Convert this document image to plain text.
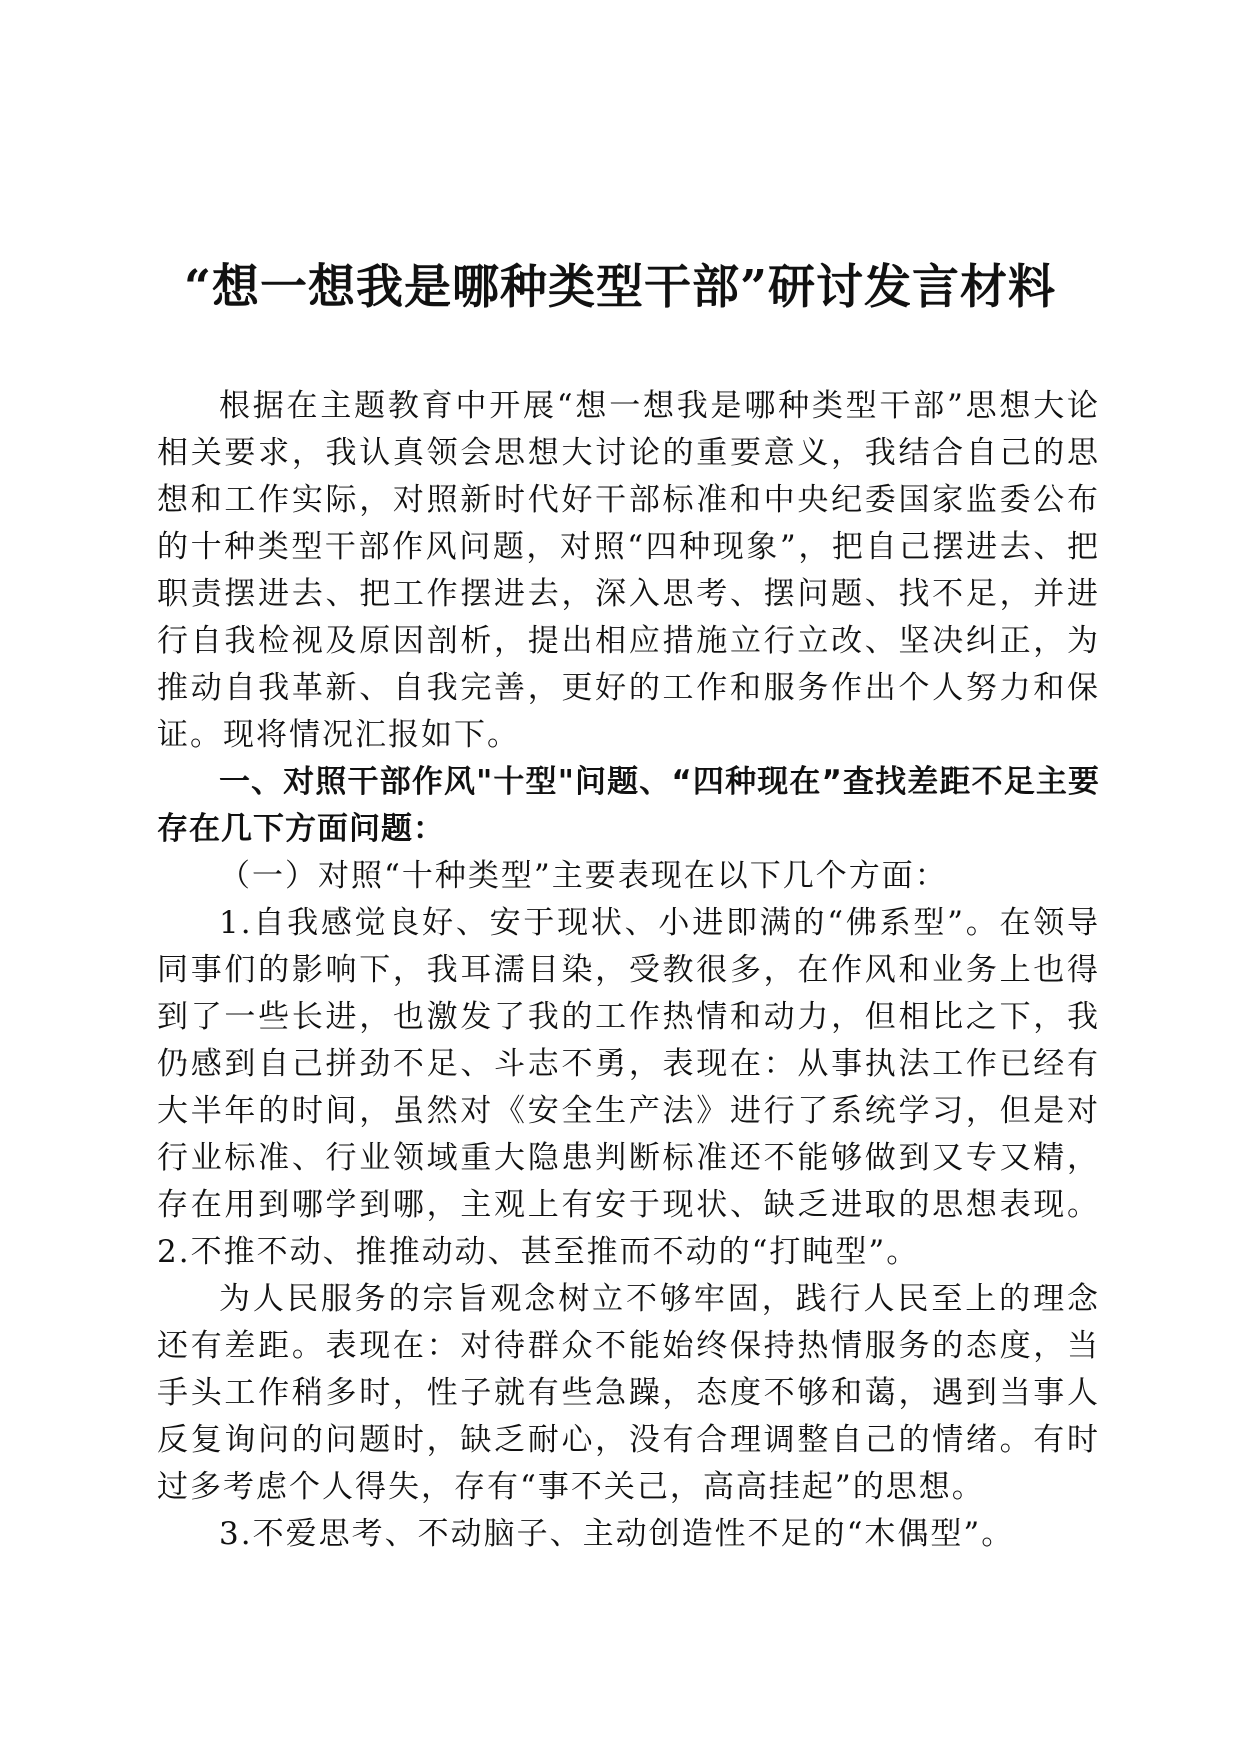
“想一想我是哪种类型干部”研讨发言材料

根据在主题教育中开展“想一想我是哪种类型干部”思想大论相关要求，我认真领会思想大讨论的重要意义，我结合自己的思想和工作实际，对照新时代好干部标准和中央纪委国家监委公布的十种类型干部作风问题，对照“四种现象”，把自己摆进去、把职责摆进去、把工作摆进去，深入思考、摆问题、找不足，并进行自我检视及原因剖析，提出相应措施立行立改、坚决纠正，为推动自我革新、自我完善，更好的工作和服务作出个人努力和保证。现将情况汇报如下。

一、对照干部作风"十型"问题、“四种现在”查找差距不足主要存在几下方面问题：

（一）对照“十种类型”主要表现在以下几个方面：

1.自我感觉良好、安于现状、小进即满的“佛系型”。在领导同事们的影响下，我耳濡目染，受教很多，在作风和业务上也得到了一些长进，也激发了我的工作热情和动力，但相比之下，我仍感到自己拼劲不足、斗志不勇，表现在：从事执法工作已经有大半年的时间，虽然对《安全生产法》进行了系统学习，但是对行业标准、行业领域重大隐患判断标准还不能够做到又专又精，存在用到哪学到哪，主观上有安于现状、缺乏进取的思想表现。2.不推不动、推推动动、甚至推而不动的“打盹型”。

为人民服务的宗旨观念树立不够牢固，践行人民至上的理念还有差距。表现在：对待群众不能始终保持热情服务的态度，当手头工作稍多时，性子就有些急躁，态度不够和蔼，遇到当事人反复询问的问题时，缺乏耐心，没有合理调整自己的情绪。有时过多考虑个人得失，存有“事不关己，高高挂起”的思想。

3.不爱思考、不动脑子、主动创造性不足的“木偶型”。
